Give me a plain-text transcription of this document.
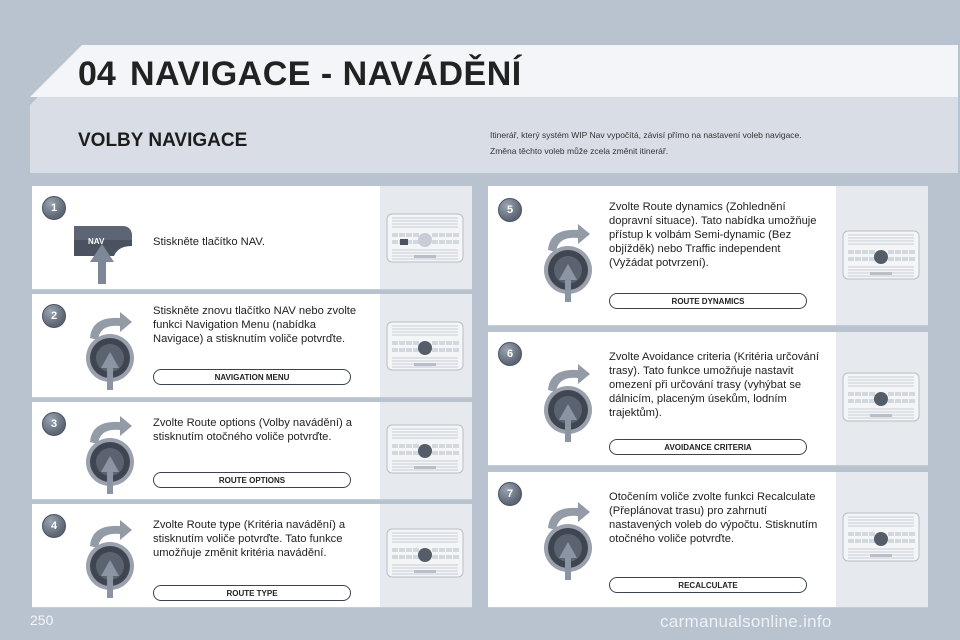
04 NAVIGACE - NAVÁDĚNÍ
VOLBY NAVIGACE	Itinerář, který systém WIP Nav vypočítá, závisí přímo na nastavení voleb navigace.
Změna těchto voleb může zcela změnit itinerář.
1
NAV	Stiskněte tlačítko NAV.
2	Stiskněte znovu tlačítko NAV nebo zvolte funkci Navigation Menu (nabídka Navigace) a stisknutím voliče potvrďte.
NAVIGATION MENU
3	Zvolte Route options (Volby navádění) a stisknutím otočného voliče potvrďte.
ROUTE OPTIONS
4	Zvolte Route type (Kritéria navádění) a stisknutím voliče potvrďte. Tato funkce umožňuje změnit kritéria navádění.
ROUTE TYPE
5	Zvolte Route dynamics (Zohlednění dopravní situace). Tato nabídka umožňuje přístup k volbám Semi-dynamic (Bez objížděk) nebo Traffic independent (Vyžádat potvrzení).
ROUTE DYNAMICS
6	Zvolte Avoidance criteria (Kritéria určování trasy). Tato funkce umožňuje nastavit omezení při určování trasy (vyhýbat se dálnicím, placeným úsekům, lodním trajektům).
AVOIDANCE CRITERIA
7	Otočením voliče zvolte funkci Recalculate (Přeplánovat trasu) pro zahrnutí nastavených voleb do výpočtu. Stisknutím otočného voliče potvrďte.
RECALCULATE
250	carmanualsonline.info
